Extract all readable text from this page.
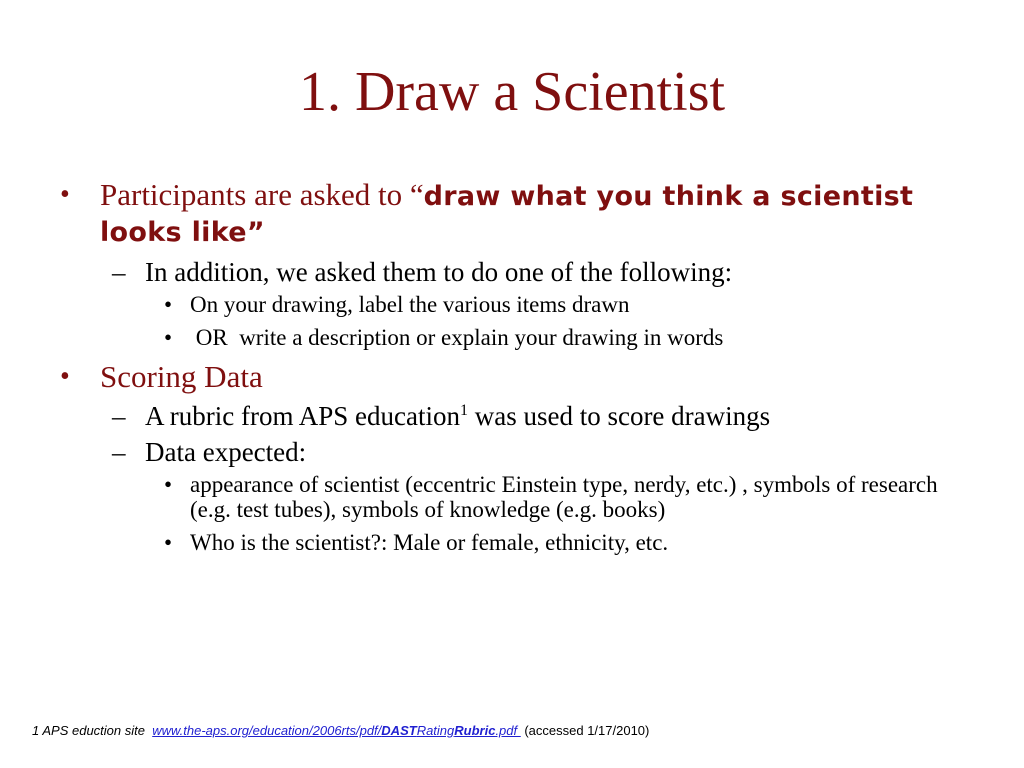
1. Draw a Scientist
• Participants are asked to “draw what you think a scientist looks like”
– In addition, we asked them to do one of the following:
• On your drawing, label the various items drawn
• OR  write a description or explain your drawing in words
• Scoring Data
– A rubric from APS education$^1$ was used to score drawings
– Data expected:
• appearance of scientist (eccentric Einstein type, nerdy, etc.) , symbols of research (e.g. test tubes), symbols of knowledge (e.g. books)
• Who is the scientist?: Male or female, ethnicity, etc.
1 APS eduction site  www.the-aps.org/education/2006rts/pdf/DASTRatingRubric.pdf  (accessed 1/17/2010)
